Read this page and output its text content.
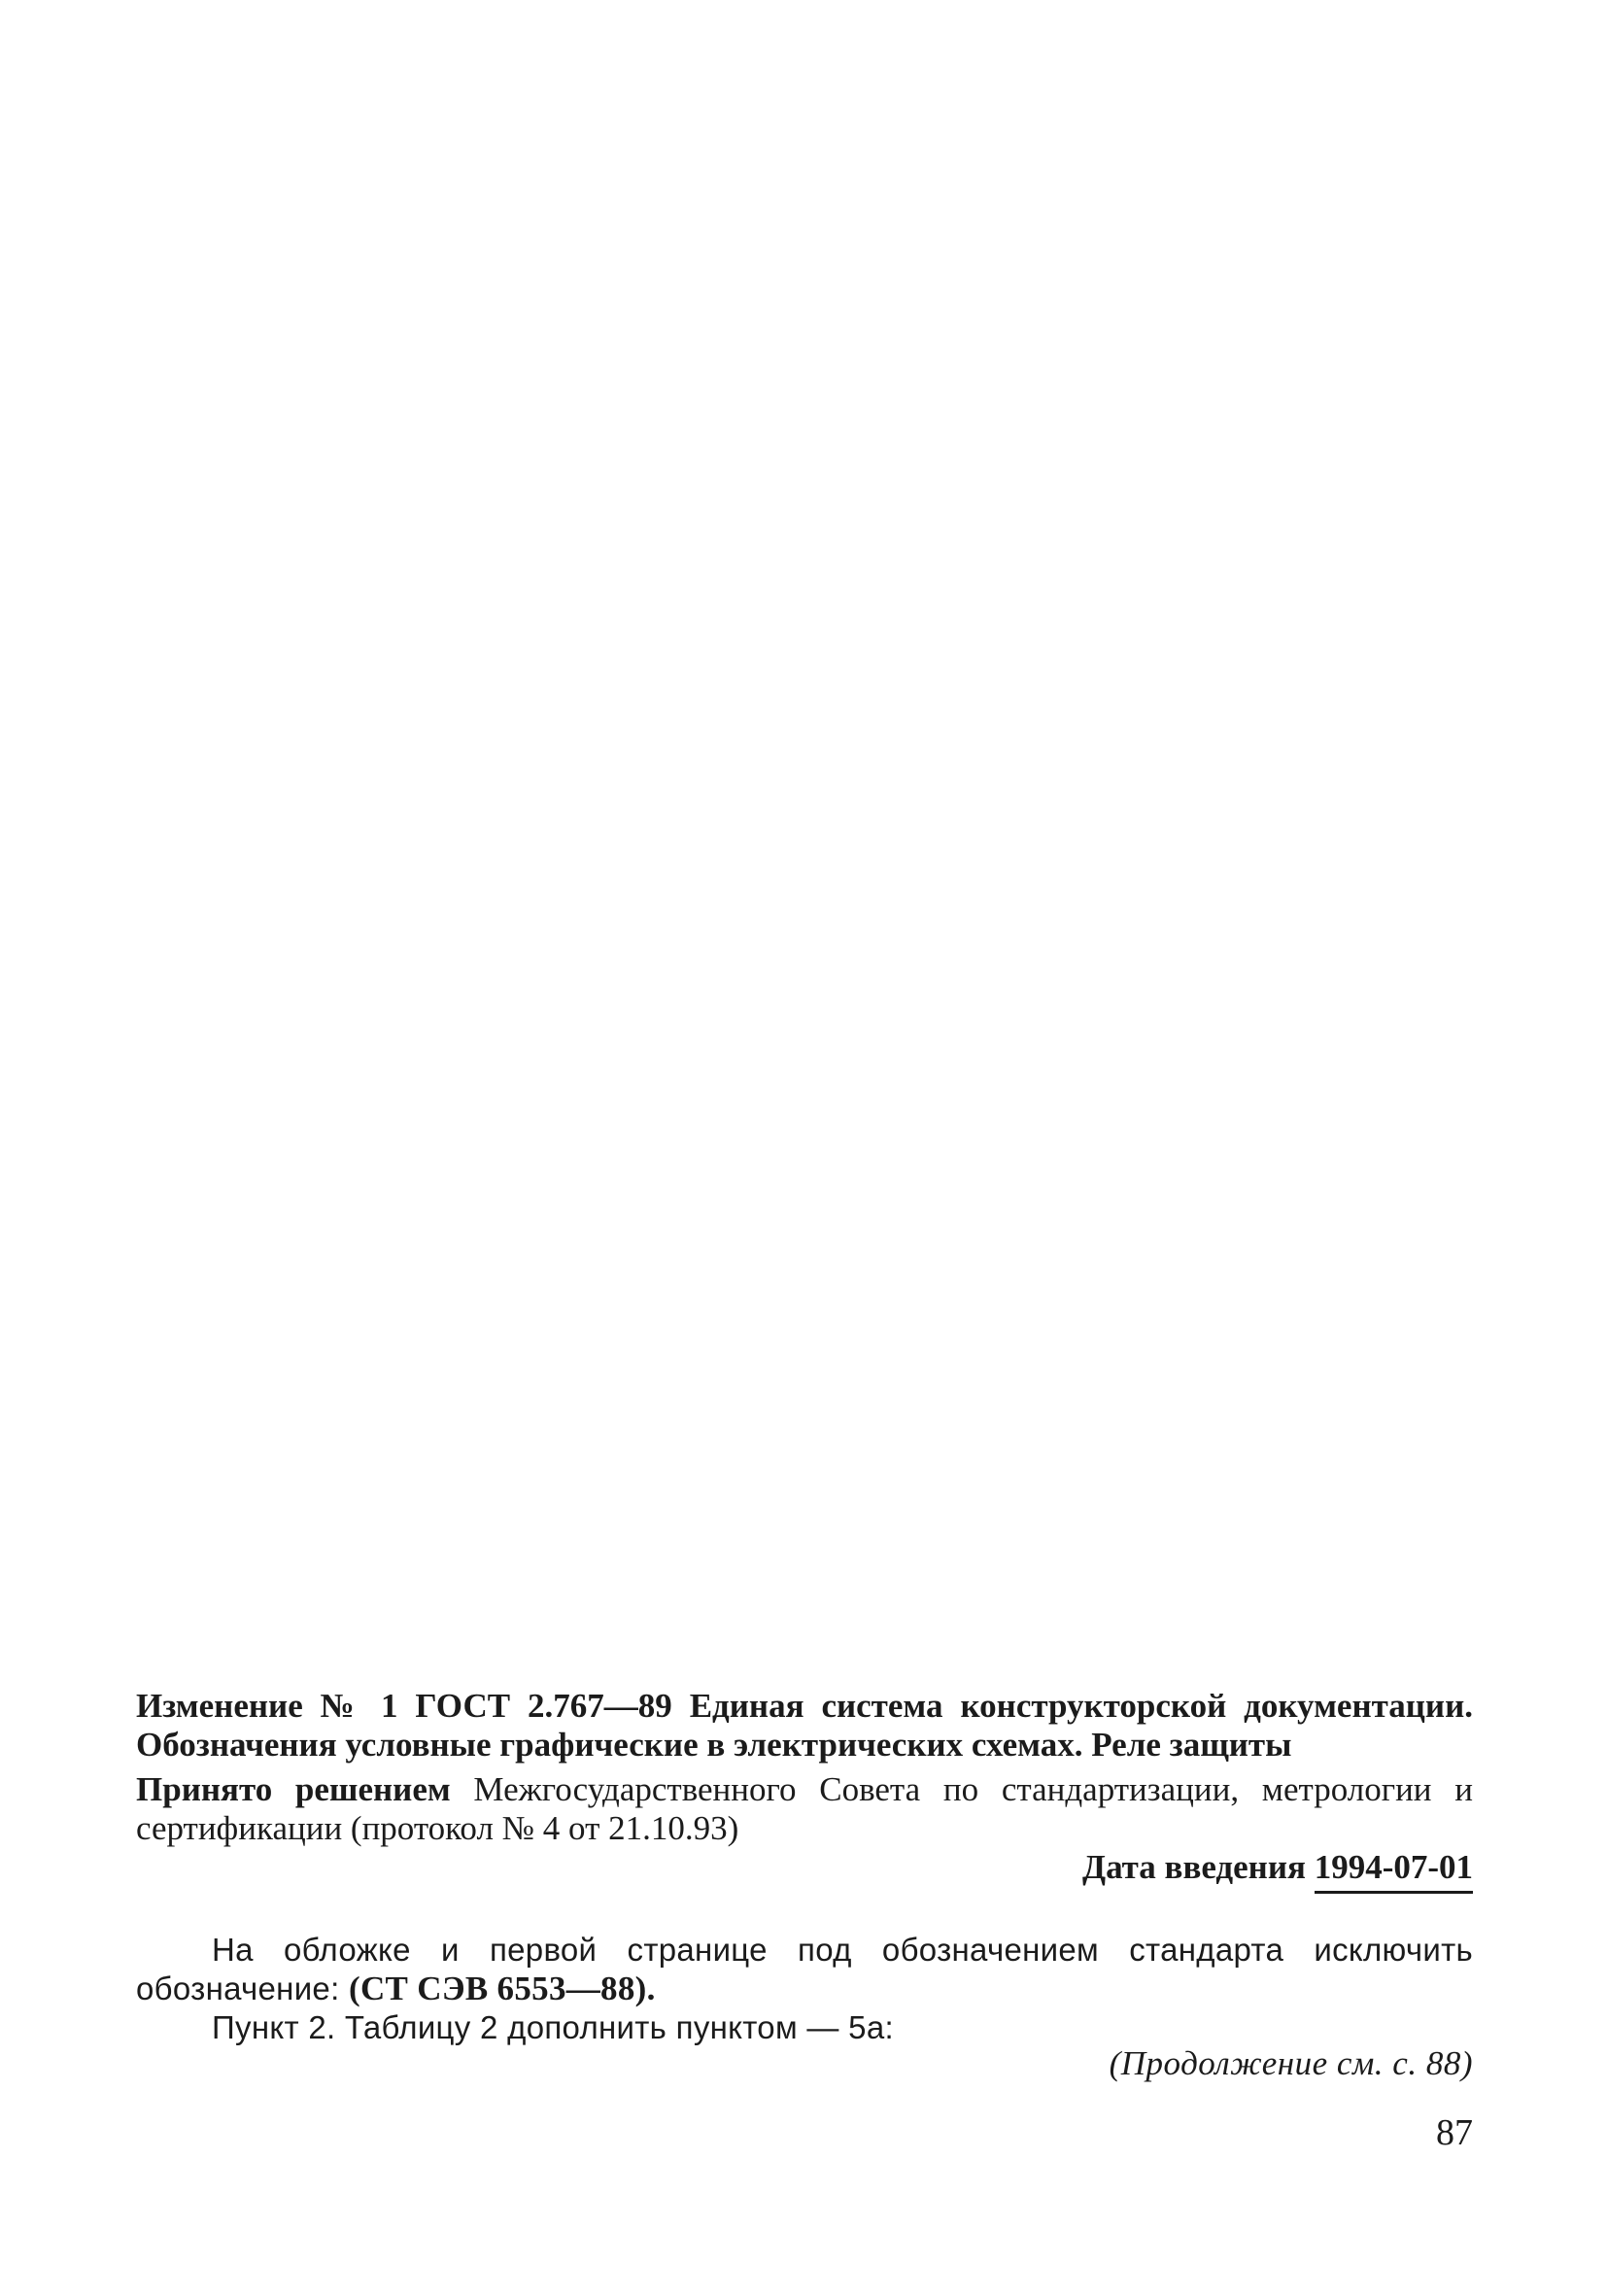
Изменение № 1 ГОСТ 2.767—89 Единая система конструкторской документации. Обозначения условные графические в электрических схемах. Реле защиты
Принято решением Межгосударственного Совета по стандартизации, метрологии и сертификации (протокол № 4 от 21.10.93)
Дата введения 1994-07-01

На обложке и первой странице под обозначением стандарта исключить обозначение: (СТ СЭВ 6553—88).

Пункт 2. Таблицу 2 дополнить пунктом — 5а:

(Продолжение см. с. 88)
87
